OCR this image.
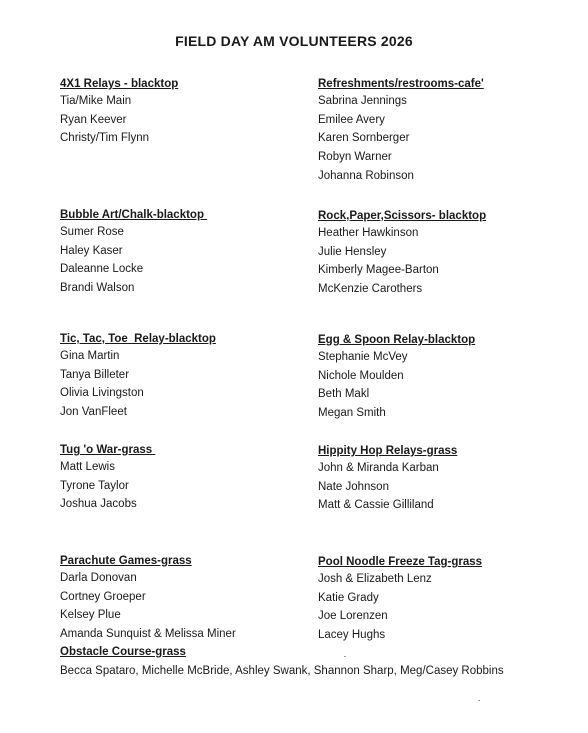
FIELD DAY AM VOLUNTEERS 2026
4X1 Relays - blacktop
Tia/Mike Main
Ryan Keever
Christy/Tim Flynn
Refreshments/restrooms-cafe'
Sabrina Jennings
Emilee Avery
Karen Sornberger
Robyn Warner
Johanna Robinson
Bubble Art/Chalk-blacktop
Sumer Rose
Haley Kaser
Daleanne Locke
Brandi Walson
Rock,Paper,Scissors- blacktop
Heather Hawkinson
Julie Hensley
Kimberly Magee-Barton
McKenzie Carothers
Tic, Tac, Toe  Relay-blacktop
Gina Martin
Tanya Billeter
Olivia Livingston
Jon VanFleet
Egg & Spoon Relay-blacktop
Stephanie McVey
Nichole Moulden
Beth Makl
Megan Smith
Tug 'o War-grass
Matt Lewis
Tyrone Taylor
Joshua Jacobs
Hippity Hop Relays-grass
John & Miranda Karban
Nate Johnson
Matt & Cassie Gilliland
Parachute Games-grass
Darla Donovan
Cortney Groeper
Kelsey Plue
Amanda Sunquist & Melissa Miner
Obstacle Course-grass
Pool Noodle Freeze Tag-grass
Josh & Elizabeth Lenz
Katie Grady
Joe Lorenzen
Lacey Hughs
Becca Spataro, Michelle McBride, Ashley Swank, Shannon Sharp, Meg/Casey Robbins
